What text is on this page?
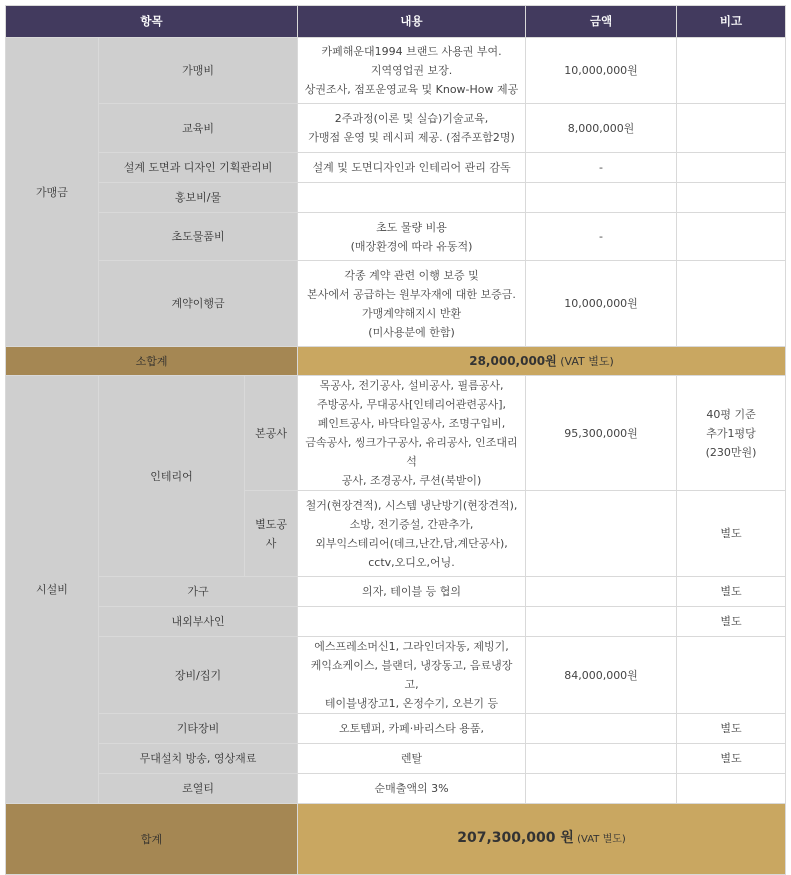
항목			내용	금액	비고
가맹금	가맹비		카페해운대1994 브랜드 사용권 부여.
지역영업권 보장.
상권조사, 점포운영교육 및 Know-How 제공	10,000,000원	
	교육비		2주과정(이론 및 실습)기술교육,
가맹점 운영 및 레시피 제공. (점주포함2명)	8,000,000원	
	설계 도면과 디자인 기획관리비		설계 및 도면디자인과 인테리어 관리 감독	-	
	홍보비/물				
	초도물품비		초도 물량 비용
(매장환경에 따라 유동적)	-	
	계약이행금		각종 계약 관련 이행 보증 및
본사에서 공급하는 원부자재에 대한 보증금.
가맹계약해지시 반환
(미사용분에 한함)	10,000,000원	
소합계			28,000,000원 (VAT 별도)		
시설비	인테리어	본공사	목공사, 전기공사, 설비공사, 필름공사,
주방공사, 무대공사[인테리어관련공사],
페인트공사, 바닥타일공사, 조명구입비,
금속공사, 씽크가구공사, 유리공사, 인조대리석
공사, 조경공사, 쿠션(북받이)	95,300,000원	40평 기준
추가1평당
(230만원)
		별도공사	철거(현장견적), 시스템 냉난방기(현장견적),
소방, 전기증설, 간판추가,
외부익스테리어(데크,난간,담,계단공사),
cctv,오디오,어닝.		별도
	가구		의자, 테이블 등 협의		별도
	내외부사인				별도
	장비/집기		에스프레소머신1, 그라인더자동, 제빙기,
케익쇼케이스, 블랜더, 냉장동고, 음료냉장고,
테이블냉장고1, 온정수기, 오븐기 등	84,000,000원	
	기타장비		오토템퍼, 카페·바리스타 용품,		별도
	무대설치 방송, 영상재료		렌탈		별도
	로열티		순매출액의 3%		
합계			207,300,000 원 (VAT 별도)		
